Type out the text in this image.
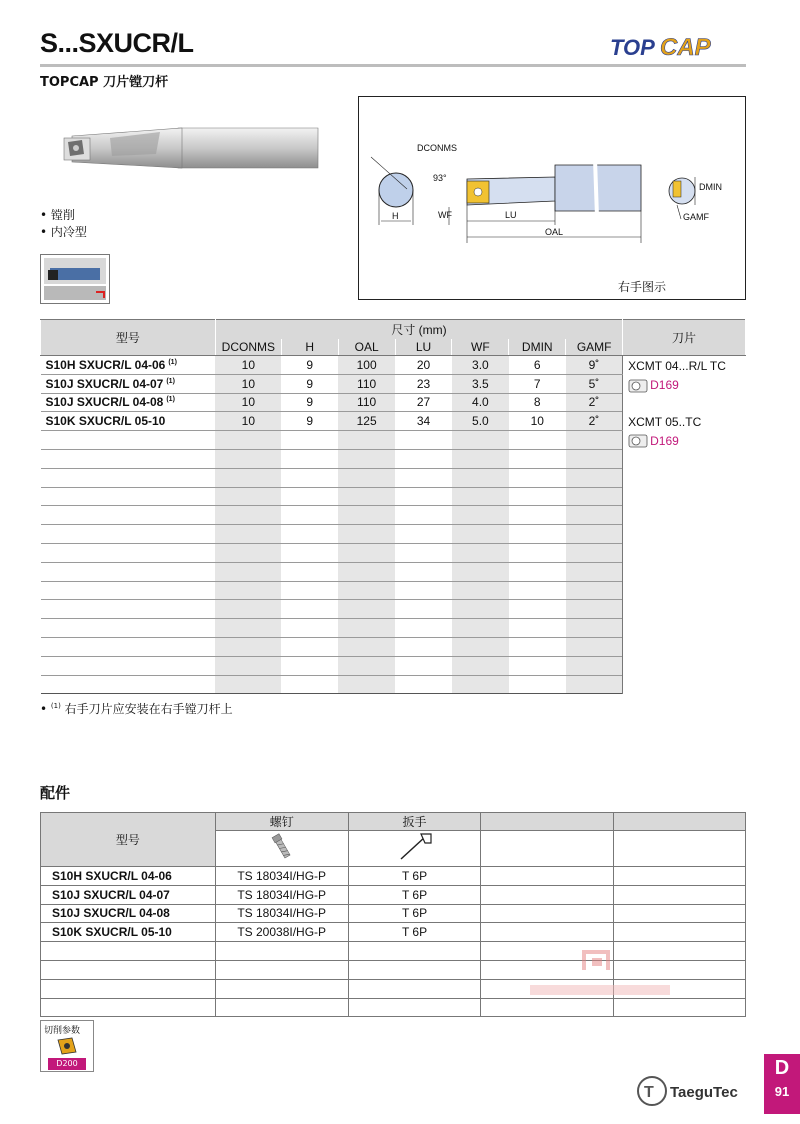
S...SXUCR/L
TOPCAP 刀片镗刀杆
TOP CAP
• 镗削
• 内冷型
DCONMS
93°
H	WF	LU
OAL
DMIN
GAMF
右手图示
型号	尺寸 (mm)							刀片
	DCONMS	H	OAL	LU	WF	DMIN	GAMF	
S10H SXUCR/L 04-06 $^{(1)}$	10	9	100	20	3.0	6	9˚	XCMT 04...R/L TC
D169

S10J SXUCR/L 04-07 $^{(1)}$	10	9	110	23	3.5	7	5˚	
S10J SXUCR/L 04-08 $^{(1)}$	10	9	110	27	4.0	8	2˚	
S10K SXUCR/L 05-10	10	9	125	34	5.0	10	2˚	XCMT 05..TC
D169

• $^{(1)}$ 右手刀片应安装在右手镗刀杆上
配件
型号	螺钉	扳手		

S10H SXUCR/L 04-06	TS 18034I/HG-P	T 6P		
S10J SXUCR/L 04-07	TS 18034I/HG-P	T 6P		
S10J SXUCR/L 04-08	TS 18034I/HG-P	T 6P		
S10K SXUCR/L 05-10	TS 20038I/HG-P	T 6P		

切削参数
D200
T TaeguTec
D
91
